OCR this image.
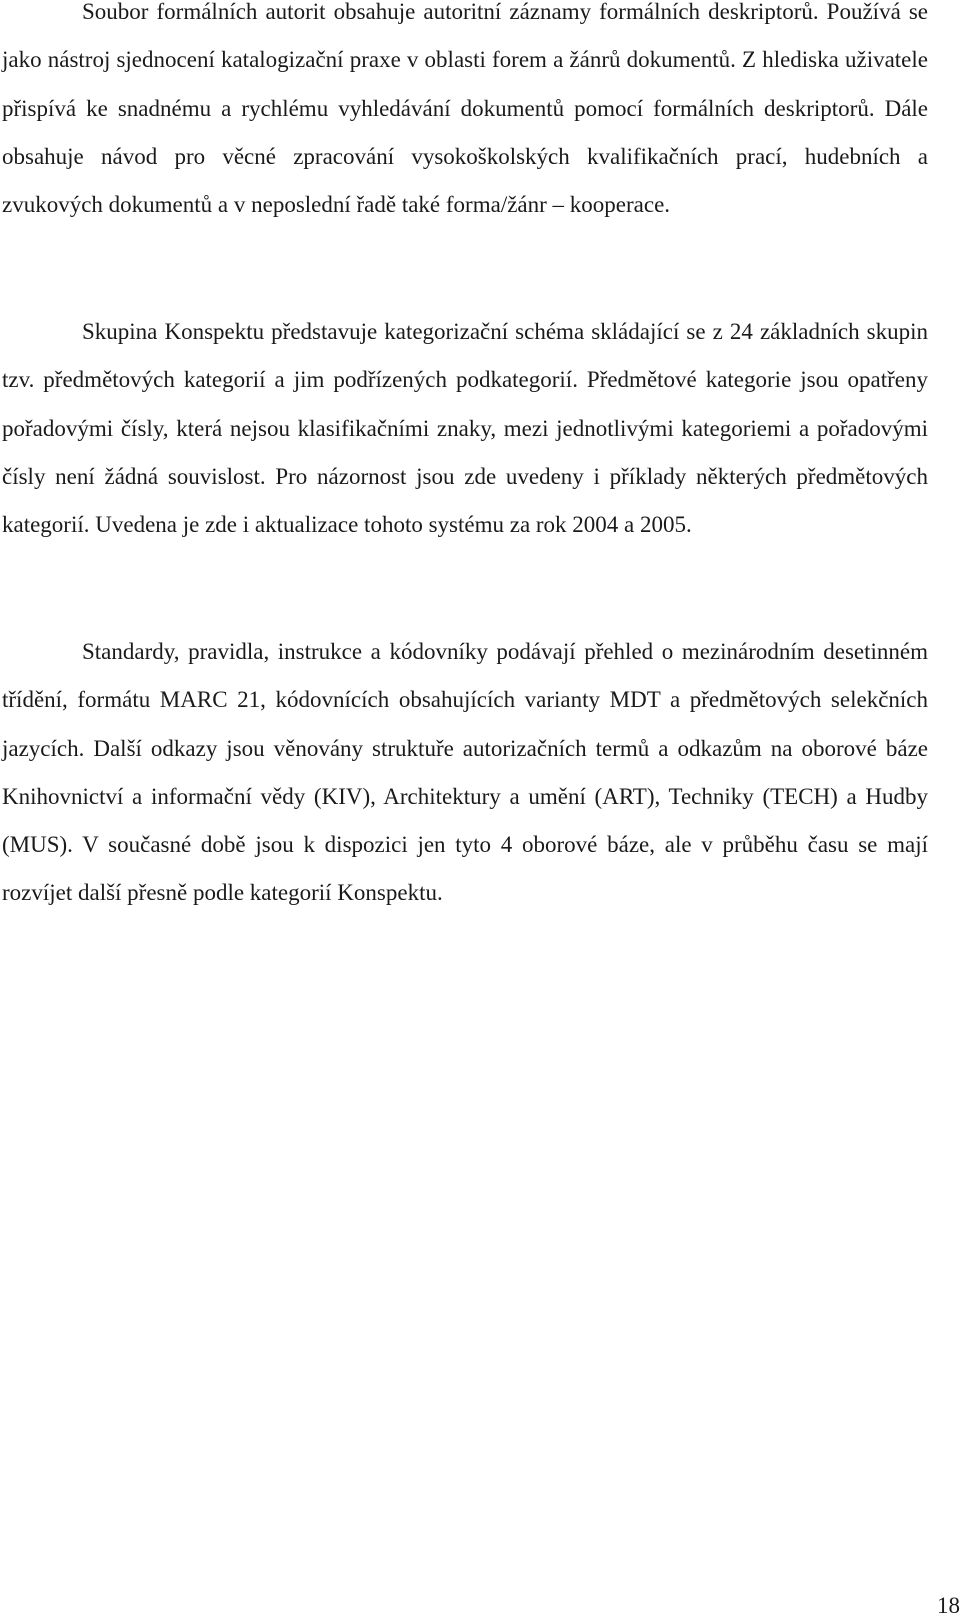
Soubor formálních autorit obsahuje autoritní záznamy formálních deskriptorů. Používá se jako nástroj sjednocení katalogizační praxe v oblasti forem a žánrů dokumentů. Z hlediska uživatele přispívá ke snadnému a rychlému vyhledávání dokumentů pomocí formálních deskriptorů. Dále obsahuje návod pro věcné zpracování vysokoškolských kvalifikačních prací, hudebních a zvukových dokumentů a v neposlední řadě také forma/žánr – kooperace.

Skupina Konspektu představuje kategorizační schéma skládající se z 24 základních skupin tzv. předmětových kategorií a jim podřízených podkategorií. Předmětové kategorie jsou opatřeny pořadovými čísly, která nejsou klasifikačními znaky, mezi jednotlivými kategoriemi a pořadovými čísly není žádná souvislost. Pro názornost jsou zde uvedeny i příklady některých předmětových kategorií. Uvedena je zde i aktualizace tohoto systému za rok 2004 a 2005.

Standardy, pravidla, instrukce a kódovníky podávají přehled o mezinárodním desetinném třídění, formátu MARC 21, kódovnících obsahujících varianty MDT a předmětových selekčních jazycích. Další odkazy jsou věnovány struktuře autorizačních termů a odkazům na oborové báze Knihovnictví a informační vědy (KIV), Architektury a umění (ART), Techniky (TECH) a Hudby (MUS). V současné době jsou k dispozici jen tyto 4 oborové báze, ale v průběhu času se mají rozvíjet další přesně podle kategorií Konspektu.

18
